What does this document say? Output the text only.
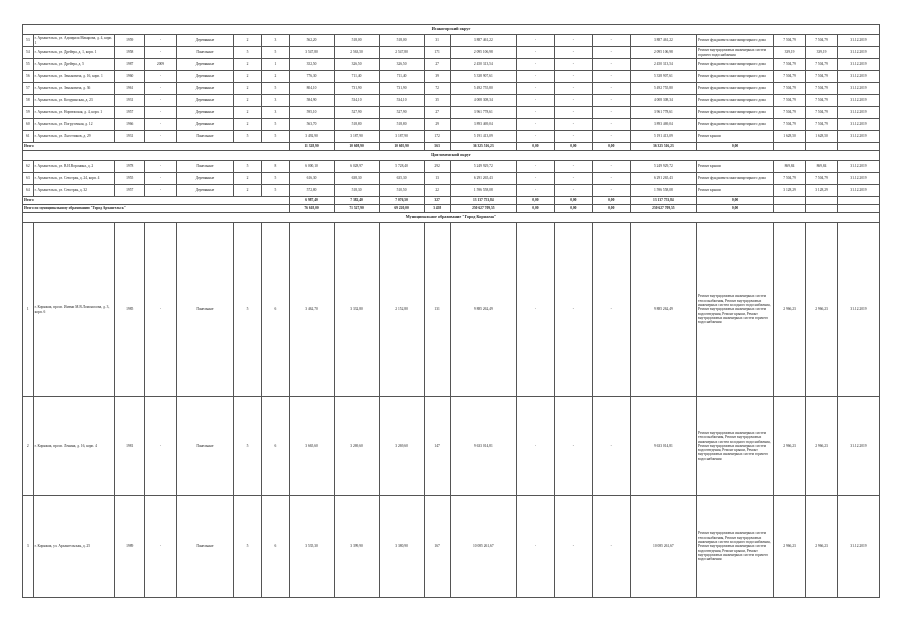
Исакогорский округ																			
53	г. Архангельск, ул. Адмирала Макарова, д. 4, корп. 1	1959	-	Деревянные	2	3	562,20	518,00	518,00	31	3 887 461,22	-	-	-	3 887 461,22	Ремонт фундамента многоквартирного дома	7 504,79	7 504,79	31.12.2019
54	г. Архангельск, ул. Дрейера, д. 1, корп. 1	1958	-	Панельные	5	5	3 547,80	2 563,50	2 547,80	171	2 095 106,98	-	-	-	2 095 106,98	Ремонт внутридомовых инженерных систем горячего водоснабжения	339,19	339,19	31.12.2019
55	г. Архангельск, ул. Дрейера, д. 5	1987	2009	Деревянные	2	1	352,50	326,50	326,50	27	2 450 313,54	-	-	-	2 450 313,54	Ремонт фундамента многоквартирного дома	7 504,79	7 504,79	31.12.2019
56	г. Архангельск, ул. Зеньковича, д. 16, корп. 1	1960	-	Деревянные	2	2	776,30	711,40	711,40	39	5 338 907,61	-	-	-	5 338 907,61	Ремонт фундамента многоквартирного дома	7 504,79	7 504,79	31.12.2019
57	г. Архангельск, ул. Зеньковича, д. 36	1961	-	Деревянные	2	5	804,10	731,90	731,90	72	5 492 755,80	-	-	-	5 492 755,80	Ремонт фундамента многоквартирного дома	7 504,79	7 504,79	31.12.2019
58	г. Архангельск, ул. Кочуринская, д. 23	1931	-	Деревянные	2	3	584,90	534,10	534,10	35	4 008 308,34	-	-	-	4 008 308,34	Ремонт фундамента многоквартирного дома	7 504,79	7 504,79	31.12.2019
59	г. Архангельск, ул. Норвежская, д. 4, корп. 1	1957	-	Деревянные	2	3	595,10	527,90	527,90	27	3 961 778,61	-	-	-	3 961 778,61	Ремонт фундамента многоквартирного дома	7 504,79	7 504,79	31.12.2019
60	г. Архангельск, ул. Погрузочная, д. 12	1966	-	Деревянные	2	5	563,70	518,80	518,80	29	3 893 469,04	-	-	-	3 893 469,04	Ремонт фундамента многоквартирного дома	7 504,79	7 504,79	31.12.2019
61	г. Архангельск, ул. Льготчиков, д. 29	1931	-	Панельные	5	5	3 492,90	3 187,90	3 187,90	172	5 191 413,09	-	-	-	5 191 413,09	Ремонт крыши	1 628,50	1 628,50	31.12.2019
Итого							11 328,90	10 608,90	10 605,90	563	36 325 516,23	0,00	0,00	0,00	36 325 516,23	0,00			
Цигломенский округ																			
62	г. Архангельск, ул. В.И.Воронина, д. 2	1978	-	Панельные	5	8	6 000,10	6 028,97	5 728,40	292	5 249 929,72	-	-	-	5 249 929,72	Ремонт крыши	869,84	869,84	31.12.2019
63	г. Архангельск, ул. Севстрая, д. 24, корп. 4	1955	-	Деревянные	2	5	616,30	638,30	635,30	13	6 291 265,43	-	-	-	6 291 265,43	Ремонт фундамента многоквартирного дома	7 504,79	7 504,79	31.12.2019
64	г. Архангельск, ул. Севстрая, д. 32	1957	-	Деревянные	2	5	572,80	518,30	510,50	22	1 596 558,08	-	-	-	1 596 558,08	Ремонт крыши	3 128,29	3 128,29	31.12.2019
Итого							6 987,40	7 382,40	7 076,50	327	13 137 753,84	0,00	0,00	0,00	13 137 753,84	0,00			
Итого по муниципальному образованию "Город Архангельск"							76 618,00	71 527,90	69 220,00	3 458	250 627 709,55	0,00	0,00	0,00	250 627 709,55	0,00			
Муниципальное образование "Город Коряжма"																			
1	г. Коряжма, просп. Имени М.В.Ломоносова, д. 3, корп. 6	1985	-	Панельные	5	6	3 462,70	3 332,80	2 152,80	131	9 885 262,49	-	-	-	9 885 262,49	Ремонт внутридомовых инженерных систем теплоснабжения, Ремонт внутридомовых инженерных систем холодного водоснабжения, Ремонт внутридомовых инженерных систем водоотведения, Ремонт крыши, Ремонт внутридомовых инженерных систем горячего водоснабжения	2 966,23	2 966,23	31.12.2019
2	г. Коряжма, просп. Ленина, д. 16, корп. 4	1981	-	Панельные	5	6	3 665,60	3 269,60	3 269,60	147	9 633 014,81	-	-	-	9 633 014,81	Ремонт внутридомовых инженерных систем теплоснабжения, Ремонт внутридомовых инженерных систем холодного водоснабжения, Ремонт внутридомовых инженерных систем водоотведения, Ремонт крыши, Ремонт внутридомовых инженерных систем горячего водоснабжения	2 966,23	2 966,23	31.12.2019
3	г. Коряжма, ул. Архангельская, д. 25	1989	-	Панельные	5	6	3 535,30	3 399,90	3 380,90	167	10 085 261,67	-	-	-	10 085 261,67	Ремонт внутридомовых инженерных систем теплоснабжения, Ремонт внутридомовых инженерных систем холодного водоснабжения, Ремонт внутридомовых инженерных систем водоотведения, Ремонт крыши, Ремонт внутридомовых инженерных систем горячего водоснабжения	2 966,23	2 966,23	31.12.2019
